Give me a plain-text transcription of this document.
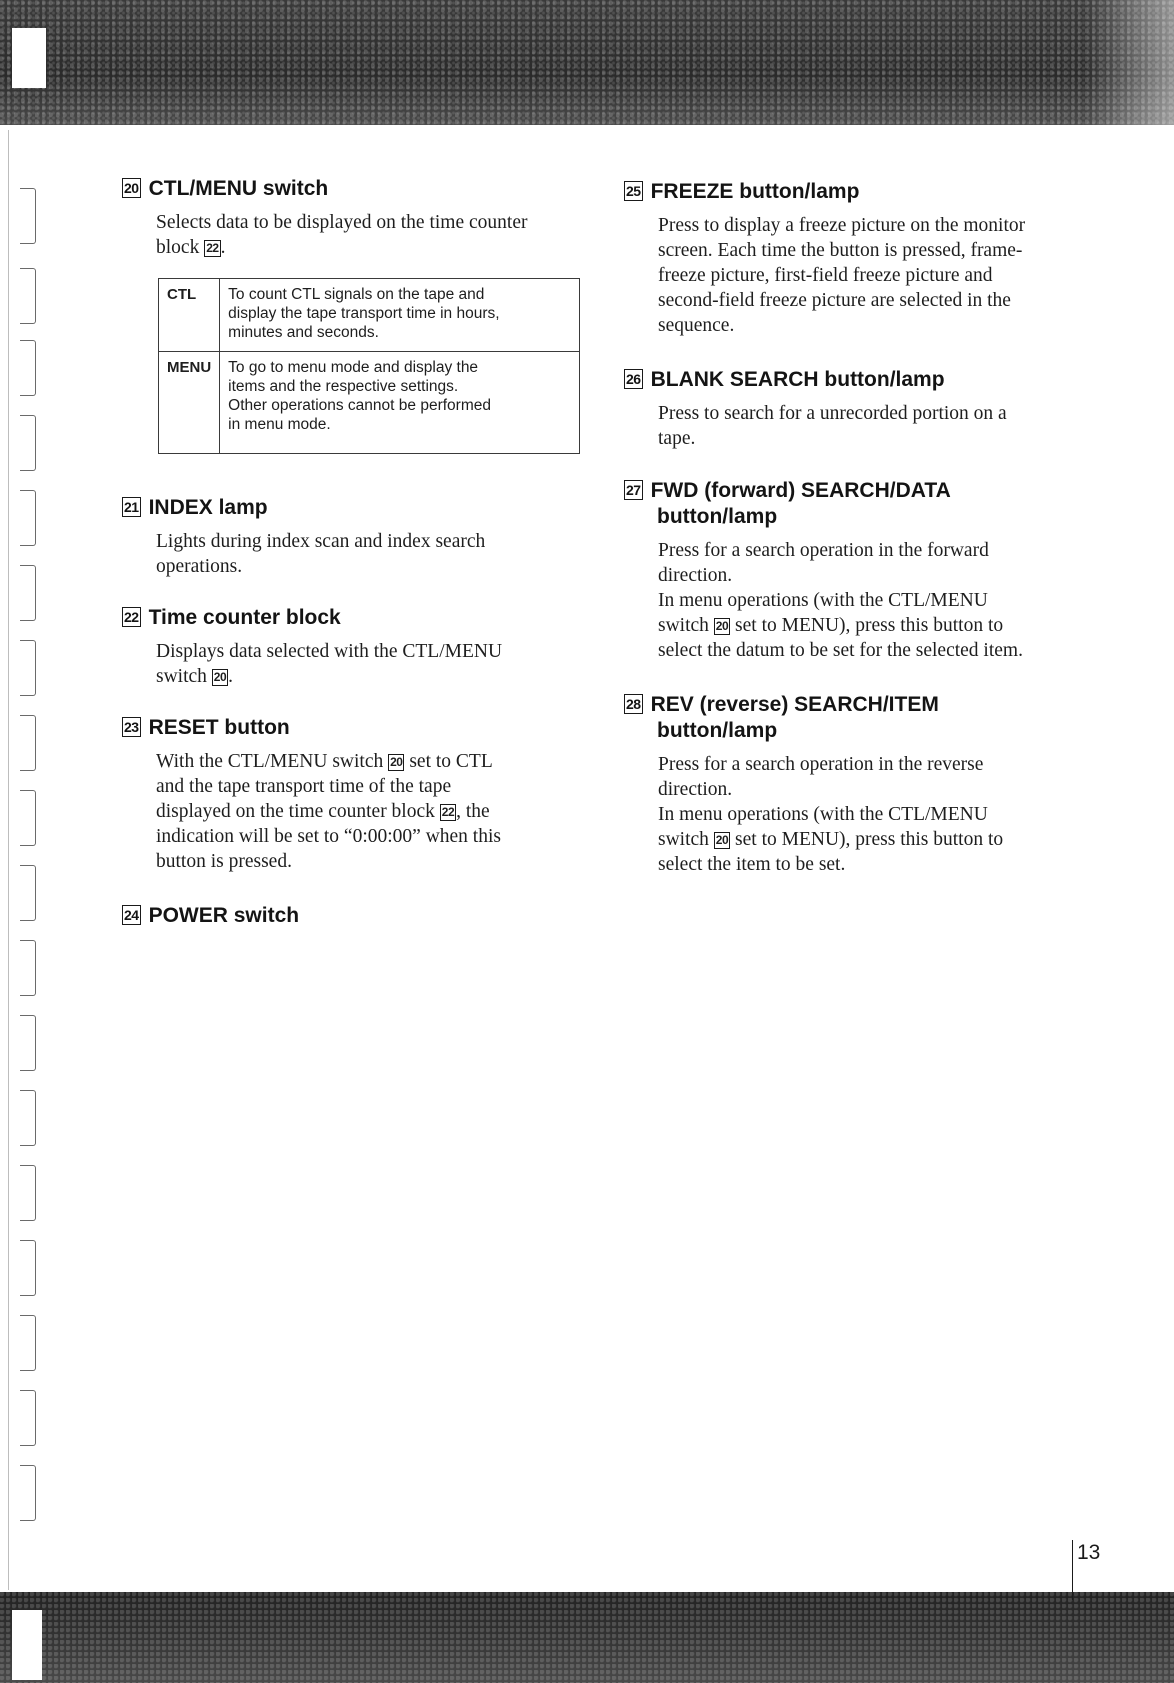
20 CTL/MENU switch
Selects data to be displayed on the time counter
block 22 .
CTL	To count CTL signals on the tape and
display the tape transport time in hours,
minutes and seconds.

MENU	To go to menu mode and display the
items and the respective settings.
Other operations cannot be performed
in menu mode.
21 INDEX lamp
Lights during index scan and index search
operations.
22 Time counter block
Displays data selected with the CTL/MENU
switch 20 .
23 RESET button
With the CTL/MENU switch 20 set to CTL
and the tape transport time of the tape
displayed on the time counter block 22 , the
indication will be set to “0:00:00” when this
button is pressed.
24 POWER switch
25 FREEZE button/lamp
Press to display a freeze picture on the monitor
screen. Each time the button is pressed, frame-
freeze picture, first-field freeze picture and
second-field freeze picture are selected in the
sequence.
26 BLANK SEARCH button/lamp
Press to search for a unrecorded portion on a
tape.
27 FWD (forward) SEARCH/DATA
button/lamp
Press for a search operation in the forward
direction.
In menu operations (with the CTL/MENU
switch 20 set to MENU), press this button to
select the datum to be set for the selected item.
28 REV (reverse) SEARCH/ITEM
button/lamp
Press for a search operation in the reverse
direction.
In menu operations (with the CTL/MENU
switch 20 set to MENU), press this button to
select the item to be set.
13
